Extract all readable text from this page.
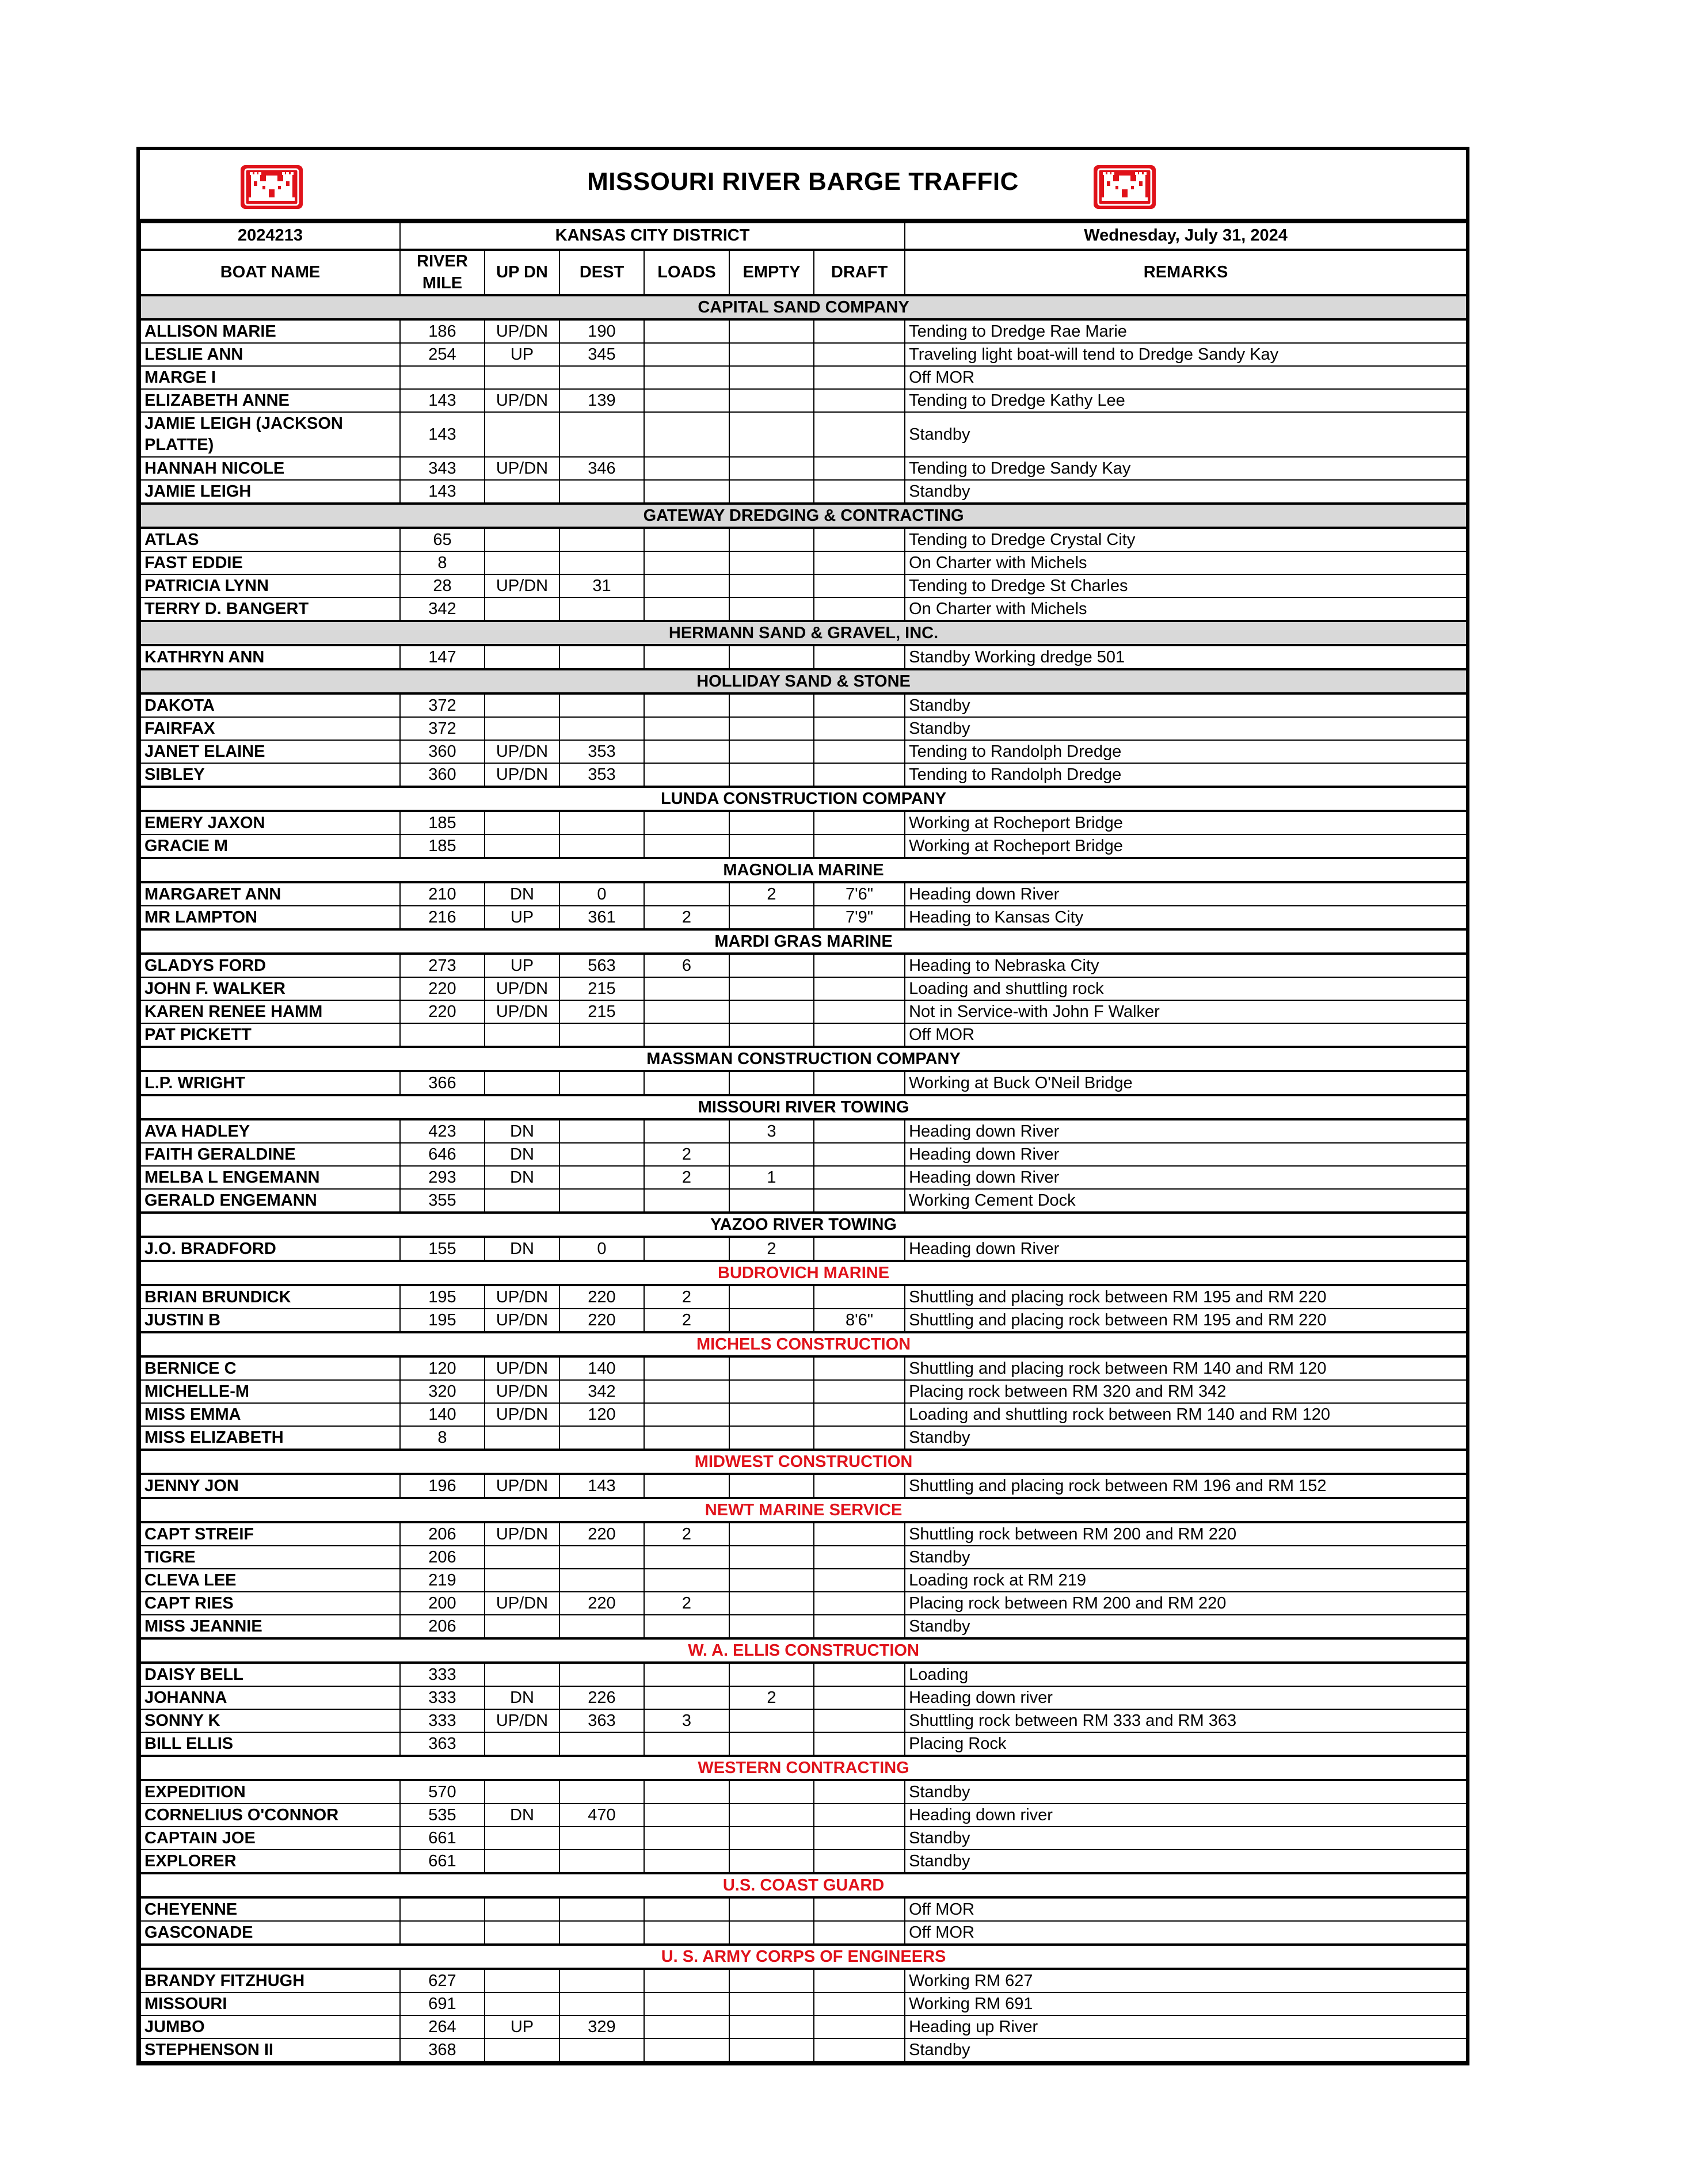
MISSOURI RIVER BARGE TRAFFIC
2024213	KANSAS CITY DISTRICT						Wednesday, July 31, 2024
BOAT NAME	RIVER MILE	UP DN	DEST	LOADS	EMPTY	DRAFT	REMARKS
CAPITAL SAND COMPANY							
ALLISON MARIE	186	UP/DN	190				Tending to Dredge Rae Marie
LESLIE ANN	254	UP	345				Traveling light boat-will tend to Dredge Sandy Kay
MARGE I							Off MOR
ELIZABETH ANNE	143	UP/DN	139				Tending to Dredge Kathy Lee
JAMIE LEIGH (JACKSON PLATTE)	143						Standby
HANNAH NICOLE	343	UP/DN	346				Tending to Dredge Sandy Kay
JAMIE LEIGH	143						Standby
GATEWAY DREDGING & CONTRACTING							
ATLAS	65						Tending to Dredge Crystal City
FAST EDDIE	8						On Charter with Michels
PATRICIA LYNN	28	UP/DN	31				Tending to Dredge St Charles
TERRY D. BANGERT	342						On Charter with Michels
HERMANN SAND & GRAVEL, INC.							
KATHRYN ANN	147						Standby Working dredge 501
HOLLIDAY SAND & STONE							
DAKOTA	372						Standby
FAIRFAX	372						Standby
JANET ELAINE	360	UP/DN	353				Tending to Randolph Dredge
SIBLEY	360	UP/DN	353				Tending to Randolph Dredge
LUNDA CONSTRUCTION COMPANY							
EMERY JAXON	185						Working at Rocheport Bridge
GRACIE M	185						Working at Rocheport Bridge
MAGNOLIA MARINE							
MARGARET ANN	210	DN	0		2	7'6"	Heading down River
MR LAMPTON	216	UP	361	2		7'9"	Heading to Kansas City
MARDI GRAS MARINE							
GLADYS FORD	273	UP	563	6			Heading to Nebraska City
JOHN F. WALKER	220	UP/DN	215				Loading and shuttling rock
KAREN RENEE HAMM	220	UP/DN	215				Not in Service-with John F Walker
PAT PICKETT							Off MOR
MASSMAN CONSTRUCTION COMPANY							
L.P. WRIGHT	366						Working at Buck O'Neil Bridge
MISSOURI RIVER TOWING							
AVA HADLEY	423	DN			3		Heading down River
FAITH GERALDINE	646	DN		2			Heading down River
MELBA L ENGEMANN	293	DN		2	1		Heading down River
GERALD ENGEMANN	355						Working Cement Dock
YAZOO RIVER TOWING							
J.O. BRADFORD	155	DN	0		2		Heading down River
BUDROVICH MARINE							
BRIAN BRUNDICK	195	UP/DN	220	2			Shuttling and placing rock between RM 195 and RM 220
JUSTIN B	195	UP/DN	220	2		8'6"	Shuttling and placing rock between RM 195 and RM 220
MICHELS CONSTRUCTION							
BERNICE C	120	UP/DN	140				Shuttling and placing rock between RM 140 and RM 120
MICHELLE-M	320	UP/DN	342				Placing rock between RM 320 and RM 342
MISS EMMA	140	UP/DN	120				Loading and shuttling rock between RM 140 and RM 120
MISS ELIZABETH	8						Standby
MIDWEST CONSTRUCTION							
JENNY JON	196	UP/DN	143				Shuttling and placing rock between RM 196 and RM 152
NEWT MARINE SERVICE							
CAPT STREIF	206	UP/DN	220	2			Shuttling rock between RM 200 and RM 220
TIGRE	206						Standby
CLEVA LEE	219						Loading rock at RM 219
CAPT RIES	200	UP/DN	220	2			Placing rock between RM 200 and RM 220
MISS JEANNIE	206						Standby
W. A. ELLIS CONSTRUCTION							
DAISY BELL	333						Loading
JOHANNA	333	DN	226		2		Heading down river
SONNY K	333	UP/DN	363	3			Shuttling rock between RM 333 and RM 363
BILL ELLIS	363						Placing Rock
WESTERN CONTRACTING							
EXPEDITION	570						Standby
CORNELIUS O'CONNOR	535	DN	470				Heading down river
CAPTAIN JOE	661						Standby
EXPLORER	661						Standby
U.S. COAST GUARD							
CHEYENNE							Off MOR
GASCONADE							Off MOR
U. S. ARMY CORPS OF ENGINEERS							
BRANDY FITZHUGH	627						Working RM 627
MISSOURI	691						Working RM 691
JUMBO	264	UP	329				Heading up River
STEPHENSON II	368						Standby
